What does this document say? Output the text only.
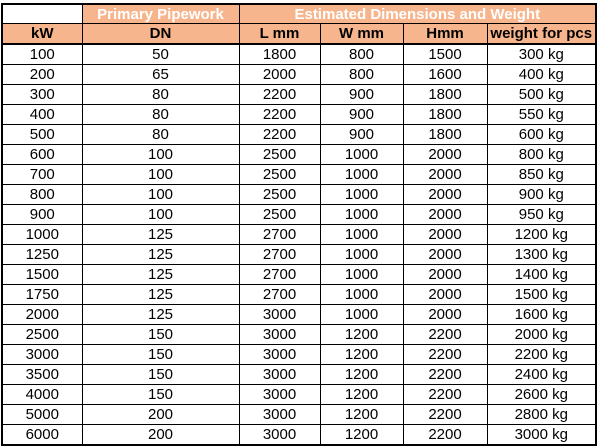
	Primary Pipework	Estimated Dimensions and Weight			
kW	DN	L mm	W mm	Hmm	weight for pcs
100	50	1800	800	1500	300 kg
200	65	2000	800	1600	400 kg
300	80	2200	900	1800	500 kg
400	80	2200	900	1800	550 kg
500	80	2200	900	1800	600 kg
600	100	2500	1000	2000	800 kg
700	100	2500	1000	2000	850 kg
800	100	2500	1000	2000	900 kg
900	100	2500	1000	2000	950 kg
1000	125	2700	1000	2000	1200 kg
1250	125	2700	1000	2000	1300 kg
1500	125	2700	1000	2000	1400 kg
1750	125	2700	1000	2000	1500 kg
2000	125	3000	1000	2000	1600 kg
2500	150	3000	1200	2200	2000 kg
3000	150	3000	1200	2200	2200 kg
3500	150	3000	1200	2200	2400 kg
4000	150	3000	1200	2200	2600 kg
5000	200	3000	1200	2200	2800 kg
6000	200	3000	1200	2200	3000 kg
